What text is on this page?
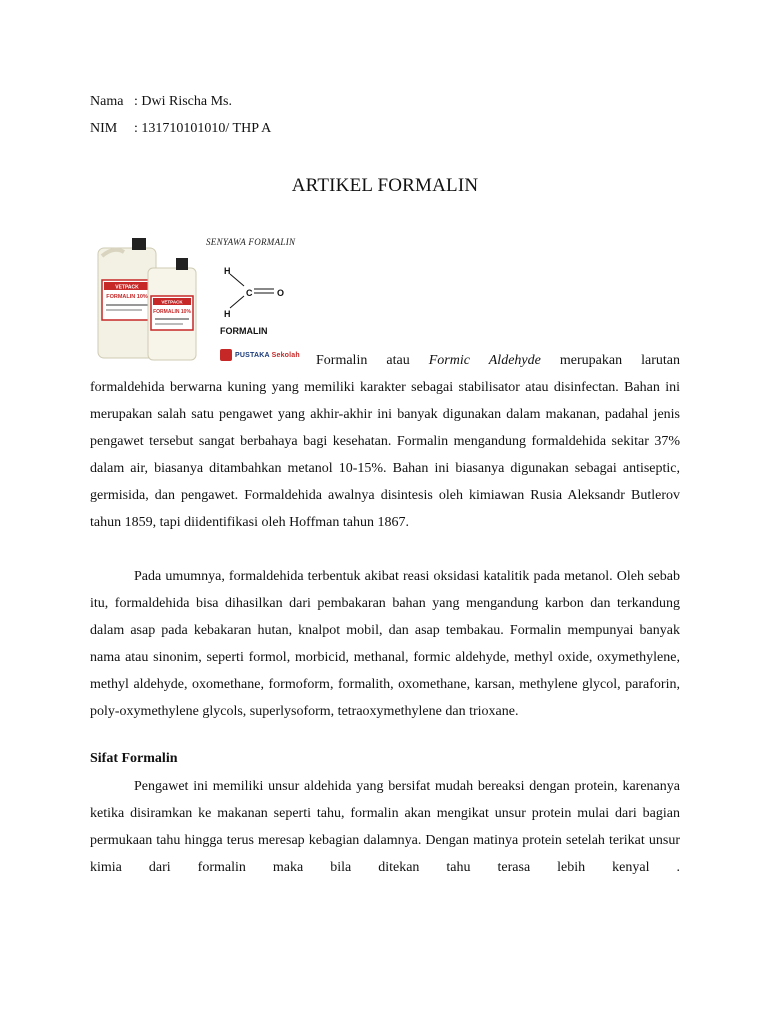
Nama : Dwi Rischa Ms.
NIM	: 131710101010/ THP A
ARTIKEL FORMALIN
VETPACK
FORMALIN 10%
VETPACK
FORMALIN 10%
SENYAWA FORMALIN
H
C	O
H
FORMALIN
PUSTAKA Sekolah	Formalin atau Formic Aldehyde merupakan larutan formaldehida berwarna kuning yang memiliki karakter sebagai stabilisator atau disinfectan. Bahan ini merupakan salah satu pengawet yang akhir-akhir ini banyak digunakan dalam makanan, padahal jenis pengawet tersebut sangat berbahaya bagi kesehatan. Formalin mengandung formaldehida sekitar 37% dalam air, biasanya ditambahkan metanol 10-15%. Bahan ini biasanya digunakan sebagai antiseptic, germisida, dan pengawet. Formaldehida awalnya disintesis oleh kimiawan Rusia Aleksandr Butlerov tahun 1859, tapi diidentifikasi oleh Hoffman tahun 1867.
Pada umumnya, formaldehida terbentuk akibat reasi oksidasi katalitik pada metanol. Oleh sebab itu, formaldehida bisa dihasilkan dari pembakaran bahan yang mengandung karbon dan terkandung dalam asap pada kebakaran hutan, knalpot mobil, dan asap tembakau. Formalin mempunyai banyak nama atau sinonim, seperti formol, morbicid, methanal, formic aldehyde, methyl oxide, oxymethylene, methyl aldehyde, oxomethane, formoform, formalith, oxomethane, karsan, methylene glycol, paraforin, poly-oxymethylene glycols, superlysoform, tetraoxymethylene dan trioxane.
Sifat Formalin
Pengawet ini memiliki unsur aldehida yang bersifat mudah bereaksi dengan protein, karenanya ketika disiramkan ke makanan seperti tahu, formalin akan mengikat unsur protein mulai dari bagian permukaan tahu hingga terus meresap kebagian dalamnya. Dengan matinya protein setelah terikat unsur kimia dari formalin maka bila ditekan tahu terasa lebih kenyal .
